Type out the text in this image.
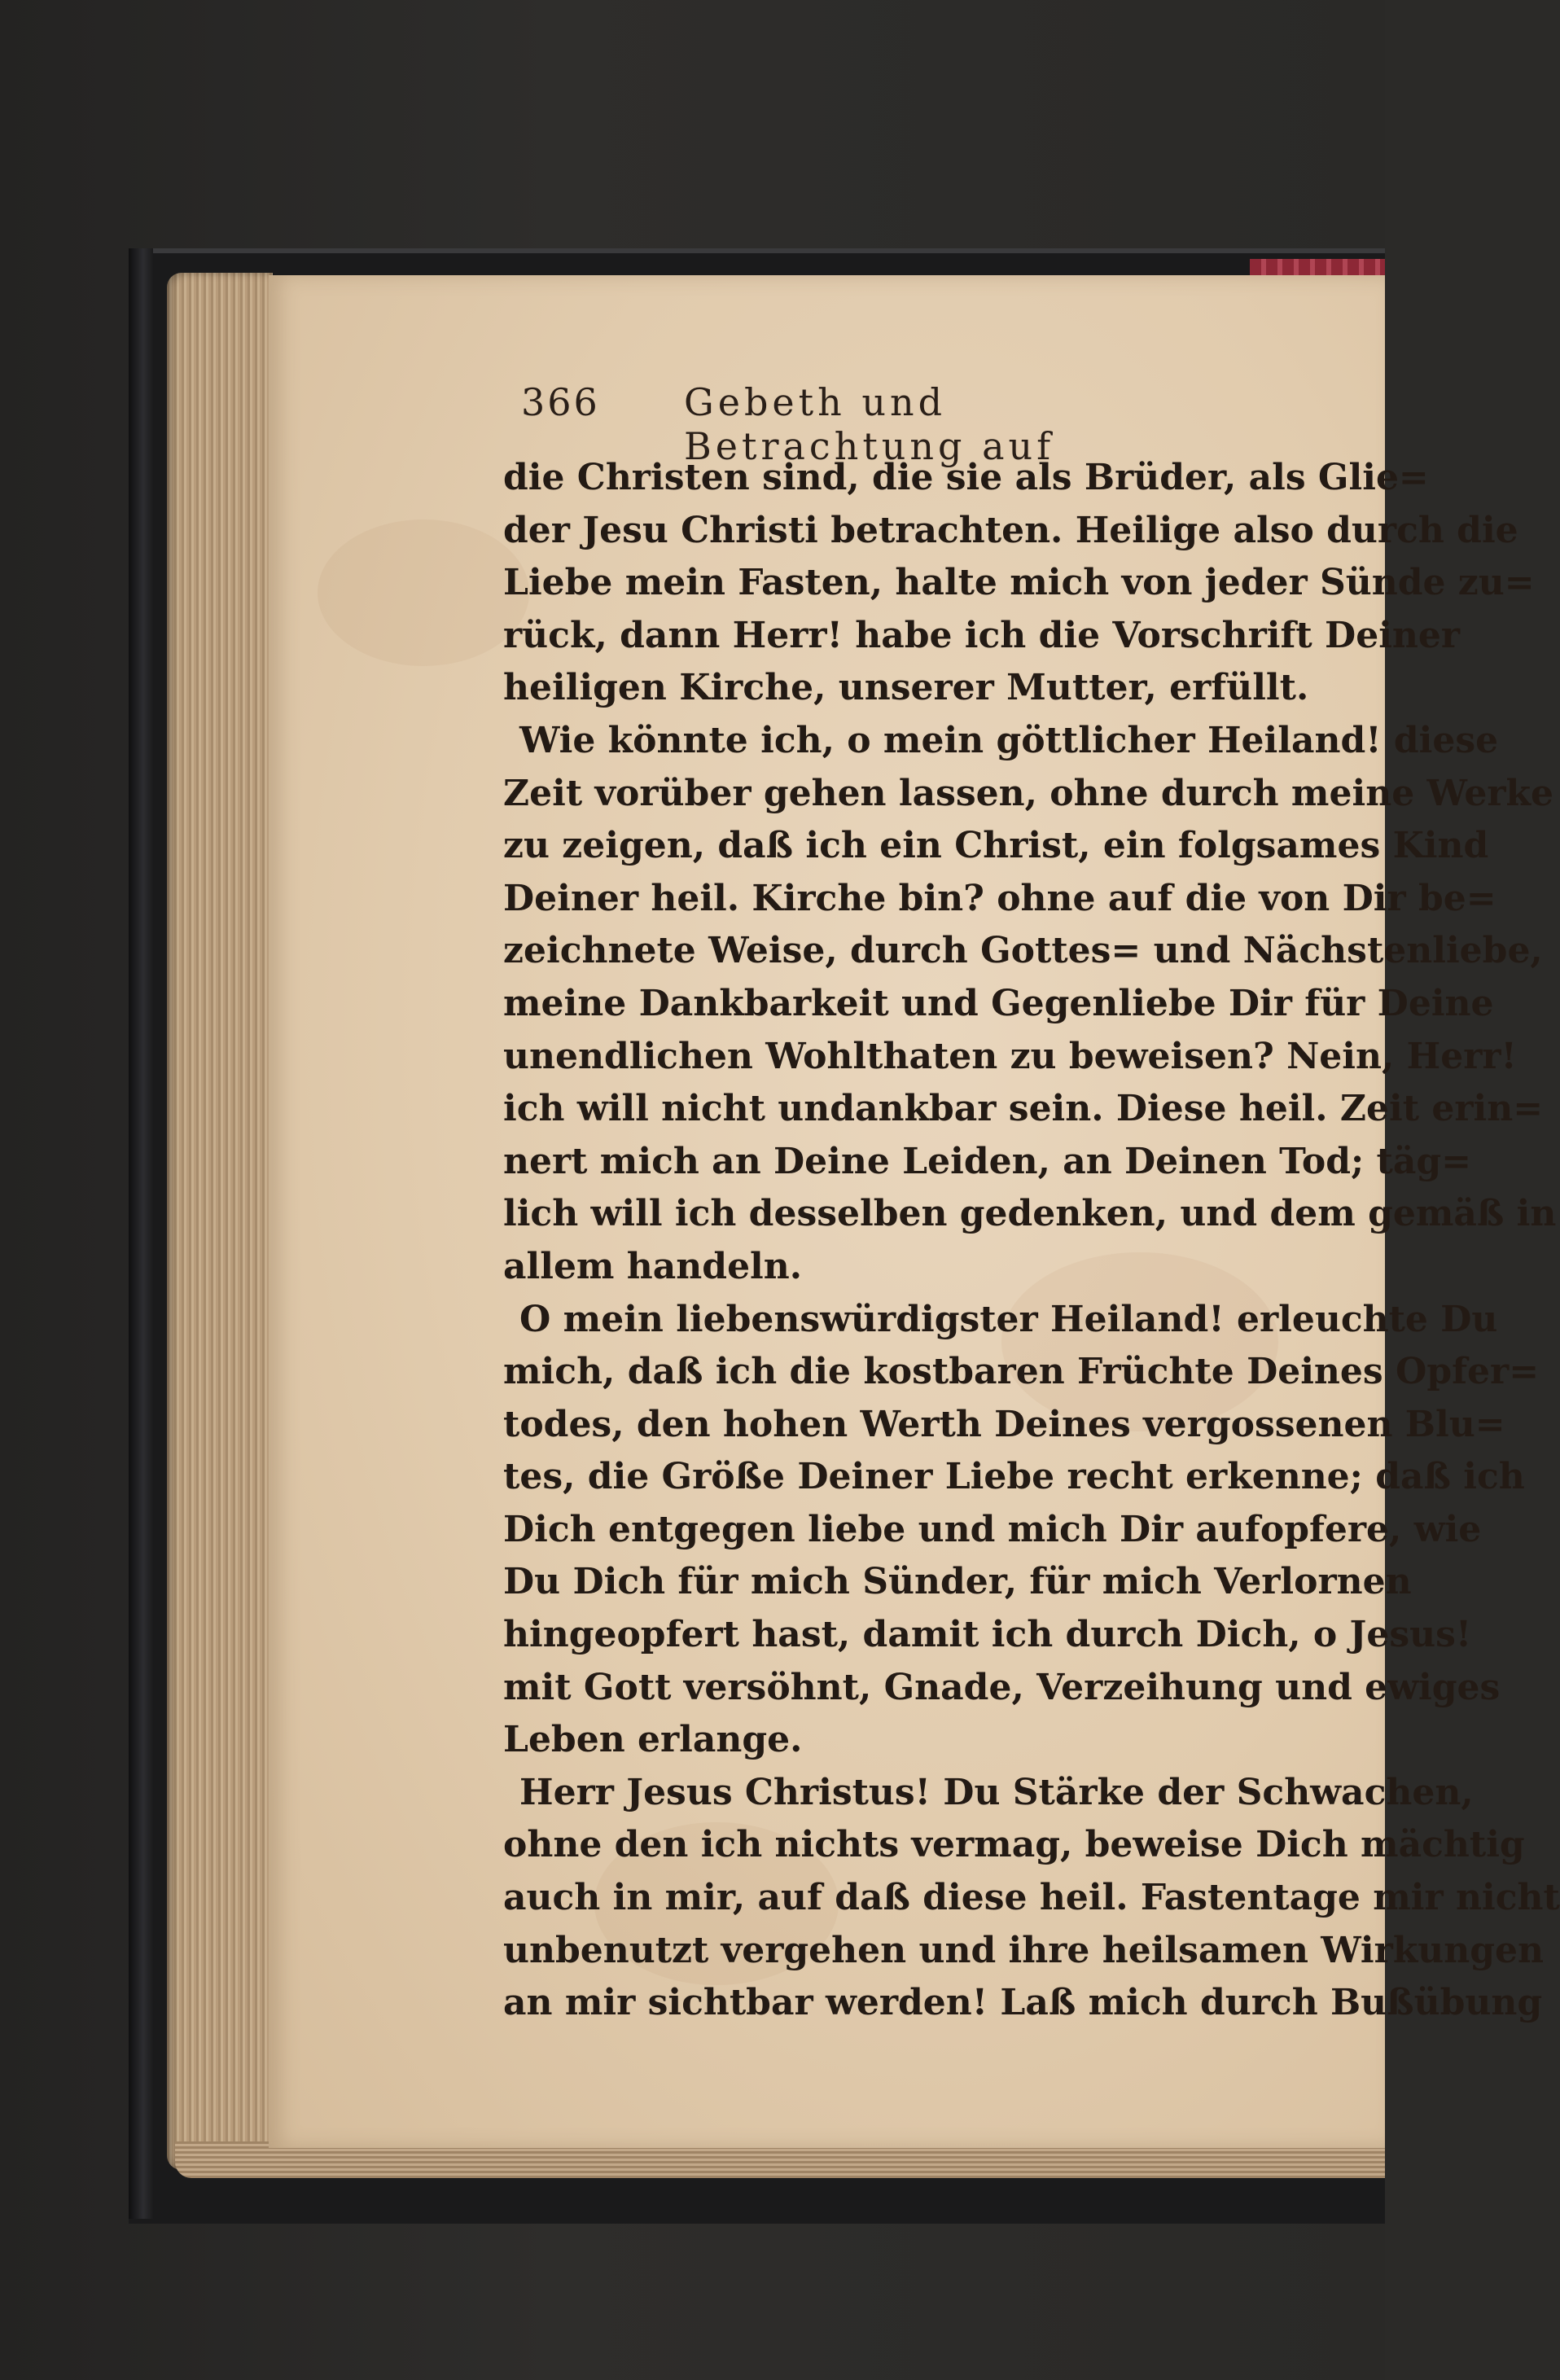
366 Gebeth und Betrachtung auf
die Christen sind, die sie als Brüder, als Glie=
der Jesu Christi betrachten. Heilige also durch die
Liebe mein Fasten, halte mich von jeder Sünde zu=
rück, dann Herr! habe ich die Vorschrift Deiner
heiligen Kirche, unserer Mutter, erfüllt.
Wie könnte ich, o mein göttlicher Heiland! diese
Zeit vorüber gehen lassen, ohne durch meine Werke
zu zeigen, daß ich ein Christ, ein folgsames Kind
Deiner heil. Kirche bin? ohne auf die von Dir be=
zeichnete Weise, durch Gottes= und Nächstenliebe,
meine Dankbarkeit und Gegenliebe Dir für Deine
unendlichen Wohlthaten zu beweisen? Nein, Herr!
ich will nicht undankbar sein. Diese heil. Zeit erin=
nert mich an Deine Leiden, an Deinen Tod; täg=
lich will ich desselben gedenken, und dem gemäß in
allem handeln.
O mein liebenswürdigster Heiland! erleuchte Du
mich, daß ich die kostbaren Früchte Deines Opfer=
todes, den hohen Werth Deines vergossenen Blu=
tes, die Größe Deiner Liebe recht erkenne; daß ich
Dich entgegen liebe und mich Dir aufopfere, wie
Du Dich für mich Sünder, für mich Verlornen
hingeopfert hast, damit ich durch Dich, o Jesus!
mit Gott versöhnt, Gnade, Verzeihung und ewiges
Leben erlange.
Herr Jesus Christus! Du Stärke der Schwachen,
ohne den ich nichts vermag, beweise Dich mächtig
auch in mir, auf daß diese heil. Fastentage mir nicht
unbenutzt vergehen und ihre heilsamen Wirkungen
an mir sichtbar werden! Laß mich durch Bußübung
